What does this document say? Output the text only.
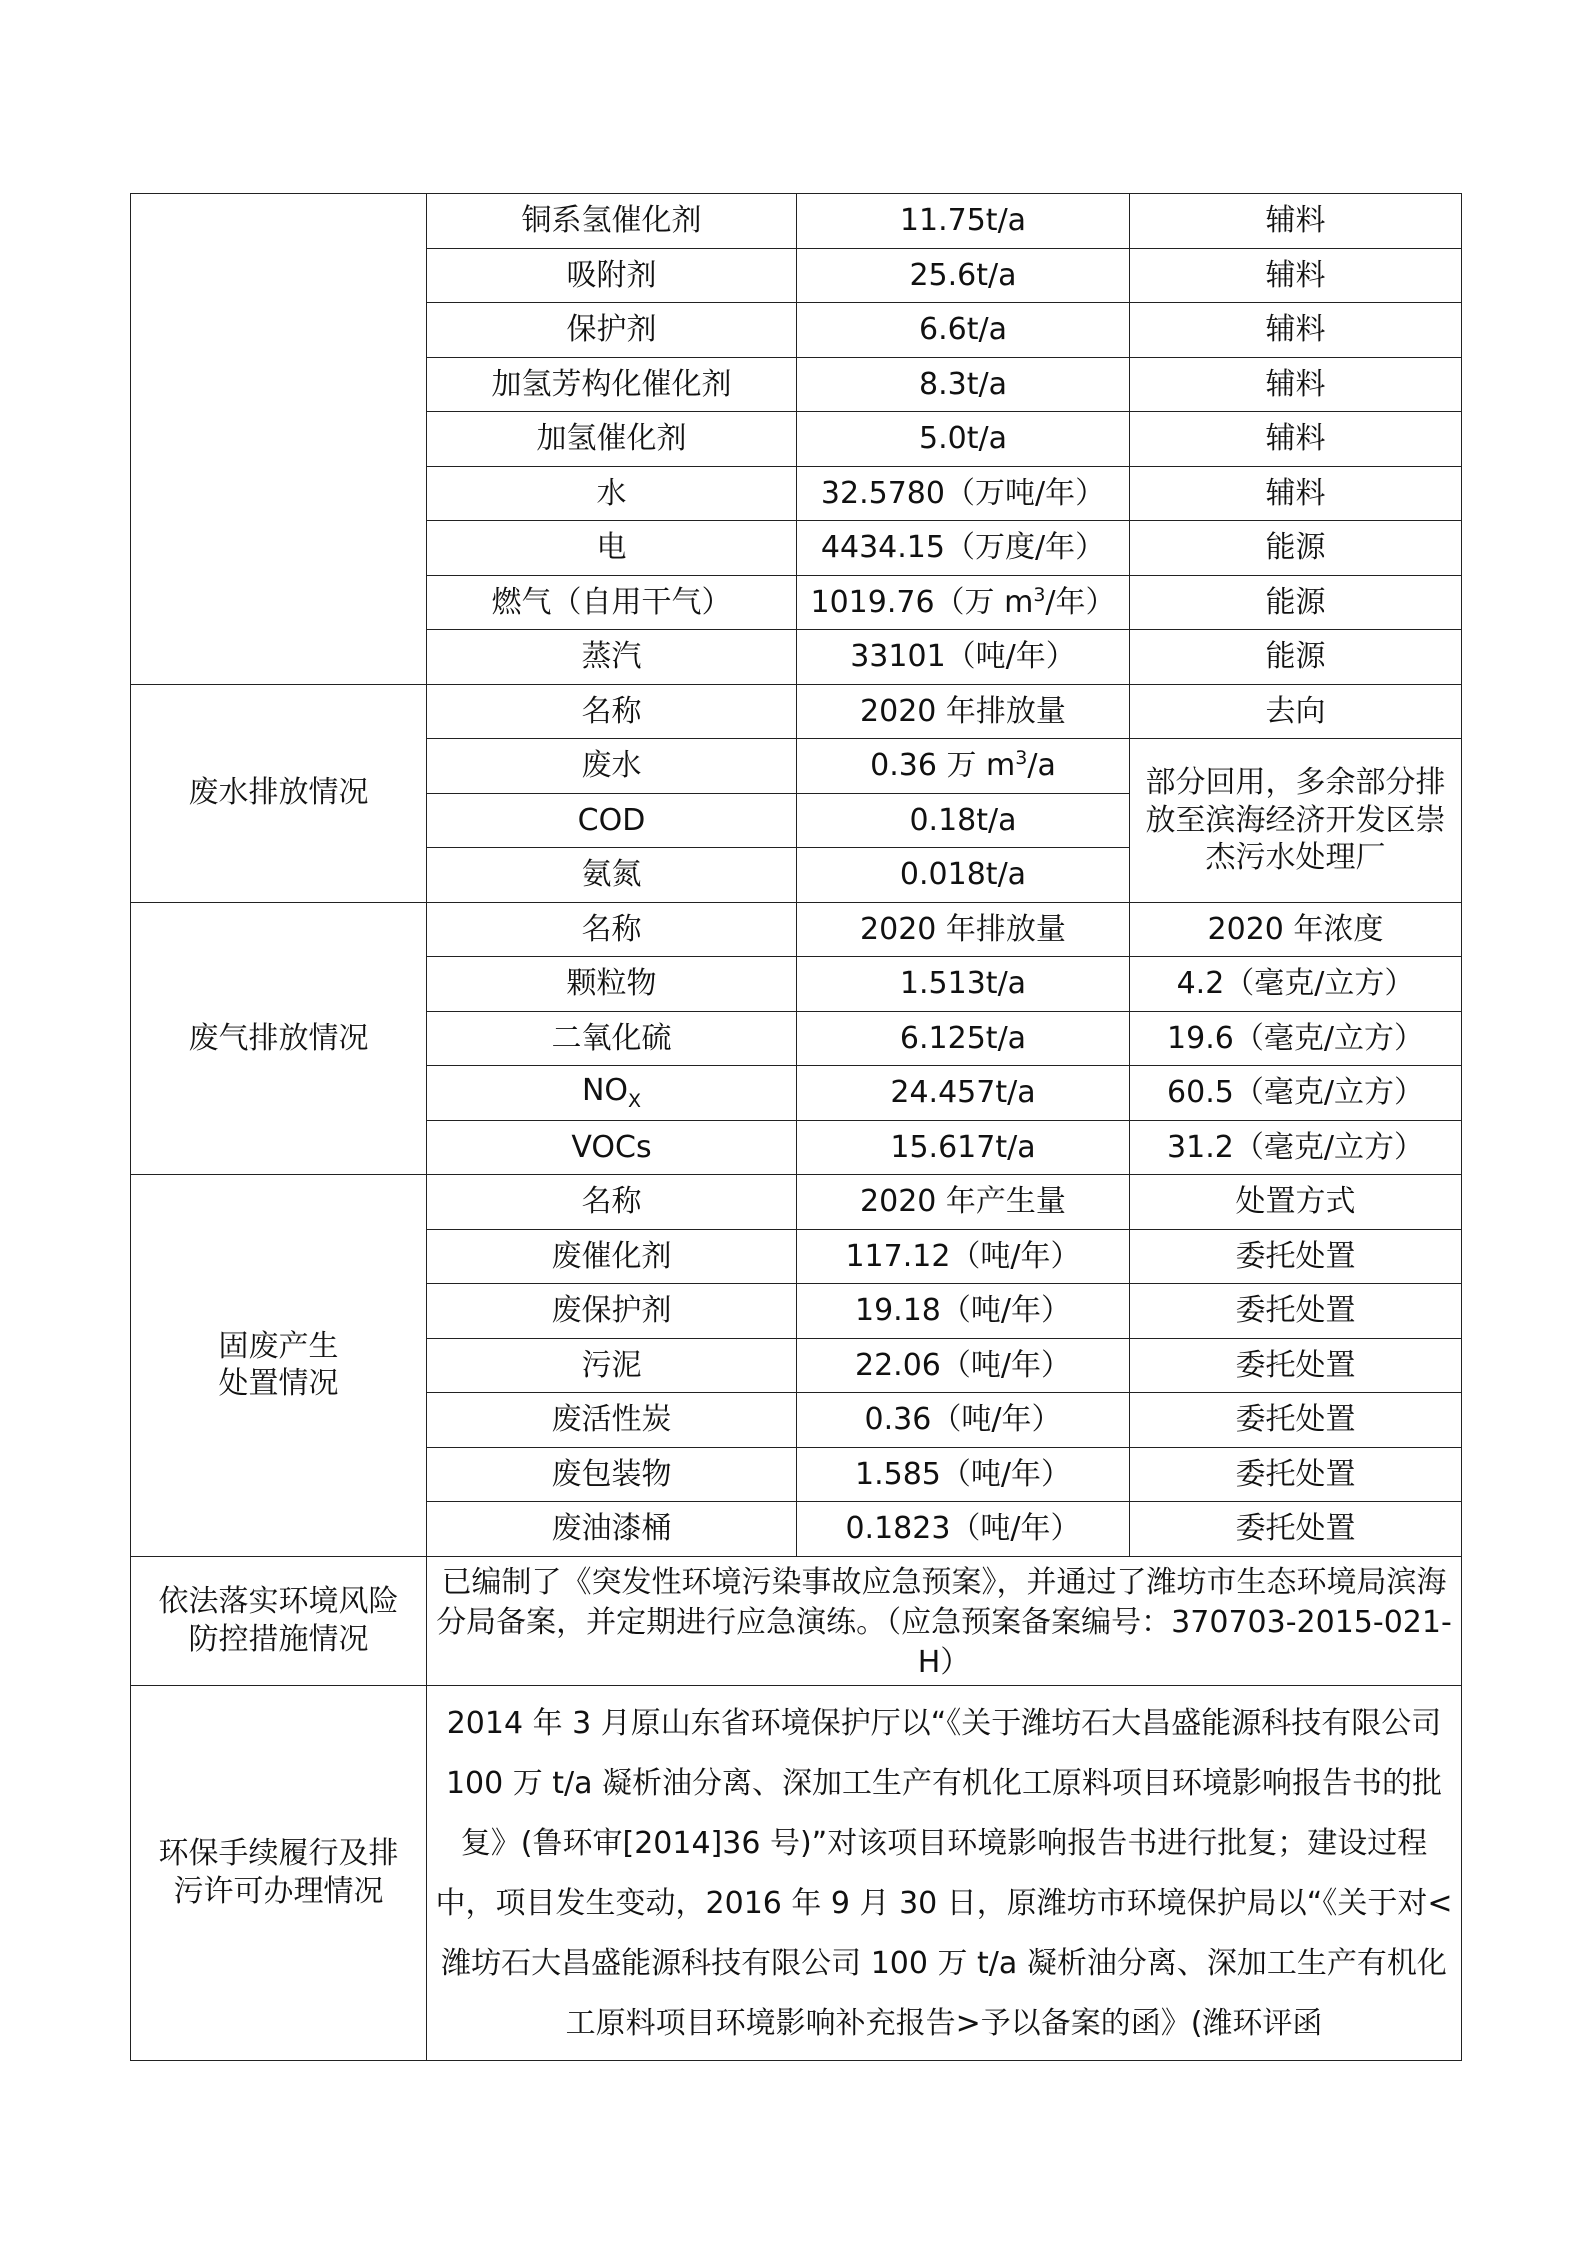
	铜系氢催化剂	11.75t/a	辅料
	吸附剂	25.6t/a	辅料
	保护剂	6.6t/a	辅料
	加氢芳构化催化剂	8.3t/a	辅料
	加氢催化剂	5.0t/a	辅料
	水	32.5780（万吨/年）	辅料
	电	4434.15（万度/年）	能源
	燃气（自用干气）	1019.76（万 $m^3/$年）	能源
	蒸汽	33101（吨/年）	能源
废水排放情况	名称	2020 年排放量	去向
	废水	0.36 万 $m^3/a$	部分回用，多余部分排放至滨海经济开发区崇杰污水处理厂
	COD	0.18t/a	
	氨氮	0.018t/a	
废气排放情况	名称	2020 年排放量	2020 年浓度
	颗粒物	1.513t/a	4.2（毫克/立方）
	二氧化硫	6.125t/a	19.6（毫克/立方）
	$NO_X$	24.457t/a	60.5（毫克/立方）
	VOCs	15.617t/a	31.2（毫克/立方）
固废产生
处置情况	名称	2020 年产生量	处置方式
	废催化剂	117.12（吨/年）	委托处置
	废保护剂	19.18（吨/年）	委托处置
	污泥	22.06（吨/年）	委托处置
	废活性炭	0.36（吨/年）	委托处置
	废包装物	1.585（吨/年）	委托处置
	废油漆桶	0.1823（吨/年）	委托处置
依法落实环境风险
防控措施情况	已编制了《突发性环境污染事故应急预案》，并通过了潍坊市生态环境局滨海分局备案，并定期进行应急演练。（应急预案备案编号：370703-2015-021-H）		
环保手续履行及排
污许可办理情况	2014 年 3 月原山东省环境保护厅以“《关于潍坊石大昌盛能源科技有限公司 100 万 t/a 凝析油分离、深加工生产有机化工原料项目环境影响报告书的批复》(鲁环审[2014]36 号)”对该项目环境影响报告书进行批复；建设过程中，项目发生变动，2016 年 9 月 30 日，原潍坊市环境保护局以“《关于对<潍坊石大昌盛能源科技有限公司 100 万 t/a 凝析油分离、深加工生产有机化工原料项目环境影响补充报告>予以备案的函》(潍环评函		
